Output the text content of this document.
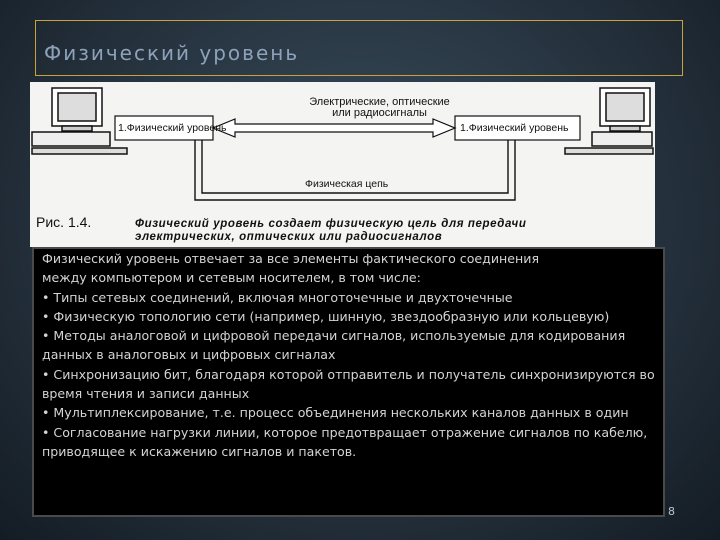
Физический уровень
Электрические, оптические
или радиосигналы
1.Физический уровень	1.Физический уровень
Физическая цепь
Рис. 1.4.	Физический уровень создает физическую цель для передачи
электрических, оптических или радиосигналов

Физический уровень отвечает за все элементы фактического соединения

между компьютером и сетевым носителем, в том числе:

• Типы сетевых соединений, включая многоточечные и двухточечные

• Физическую топологию сети (например, шинную, звездообразную или кольцевую)

• Методы аналоговой и цифровой передачи сигналов, используемые для кодирования данных в аналоговых и цифровых сигналах

• Синхронизацию бит, благодаря которой отправитель и получатель синхронизируются во время чтения и записи данных

• Мультиплексирование, т.е. процесс объединения нескольких каналов данных в один

• Согласование нагрузки линии, которое предотвращает отражение сигналов по кабелю, приводящее к искажению сигналов и пакетов.

8
